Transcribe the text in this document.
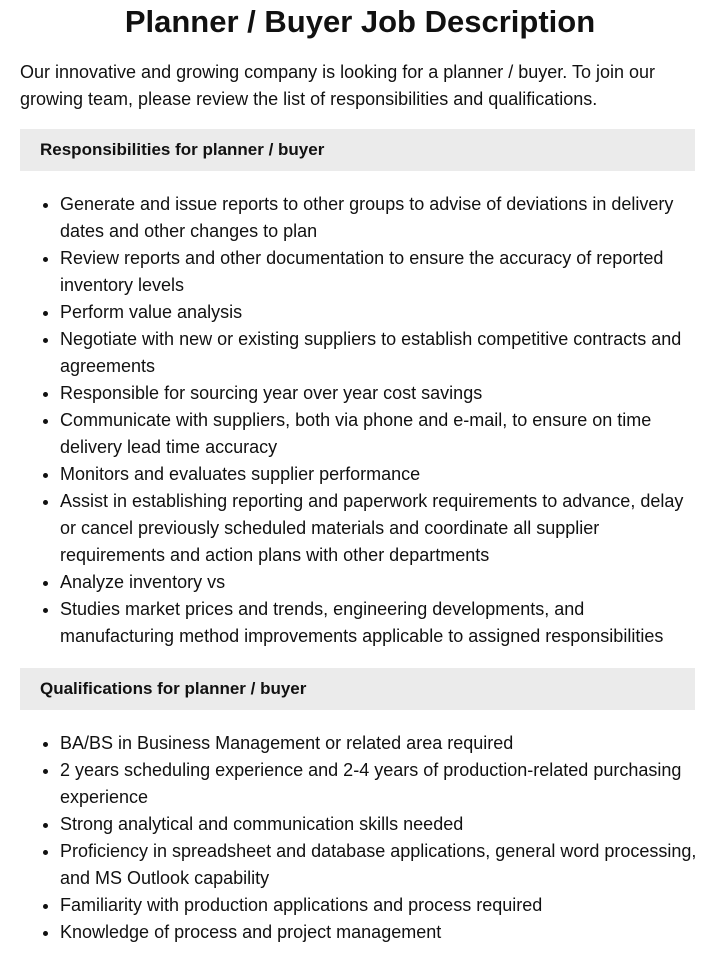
Planner / Buyer Job Description

Our innovative and growing company is looking for a planner / buyer. To join our growing team, please review the list of responsibilities and qualifications.

Responsibilities for planner / buyer
• Generate and issue reports to other groups to advise of deviations in delivery dates and other changes to plan
• Review reports and other documentation to ensure the accuracy of reported inventory levels
• Perform value analysis
• Negotiate with new or existing suppliers to establish competitive contracts and agreements
• Responsible for sourcing year over year cost savings
• Communicate with suppliers, both via phone and e-mail, to ensure on time delivery lead time accuracy
• Monitors and evaluates supplier performance
• Assist in establishing reporting and paperwork requirements to advance, delay or cancel previously scheduled materials and coordinate all supplier requirements and action plans with other departments
• Analyze inventory vs
• Studies market prices and trends, engineering developments, and manufacturing method improvements applicable to assigned responsibilities
Qualifications for planner / buyer
• BA/BS in Business Management or related area required
• 2 years scheduling experience and 2-4 years of production-related purchasing experience
• Strong analytical and communication skills needed
• Proficiency in spreadsheet and database applications, general word processing, and MS Outlook capability
• Familiarity with production applications and process required
• Knowledge of process and project management
